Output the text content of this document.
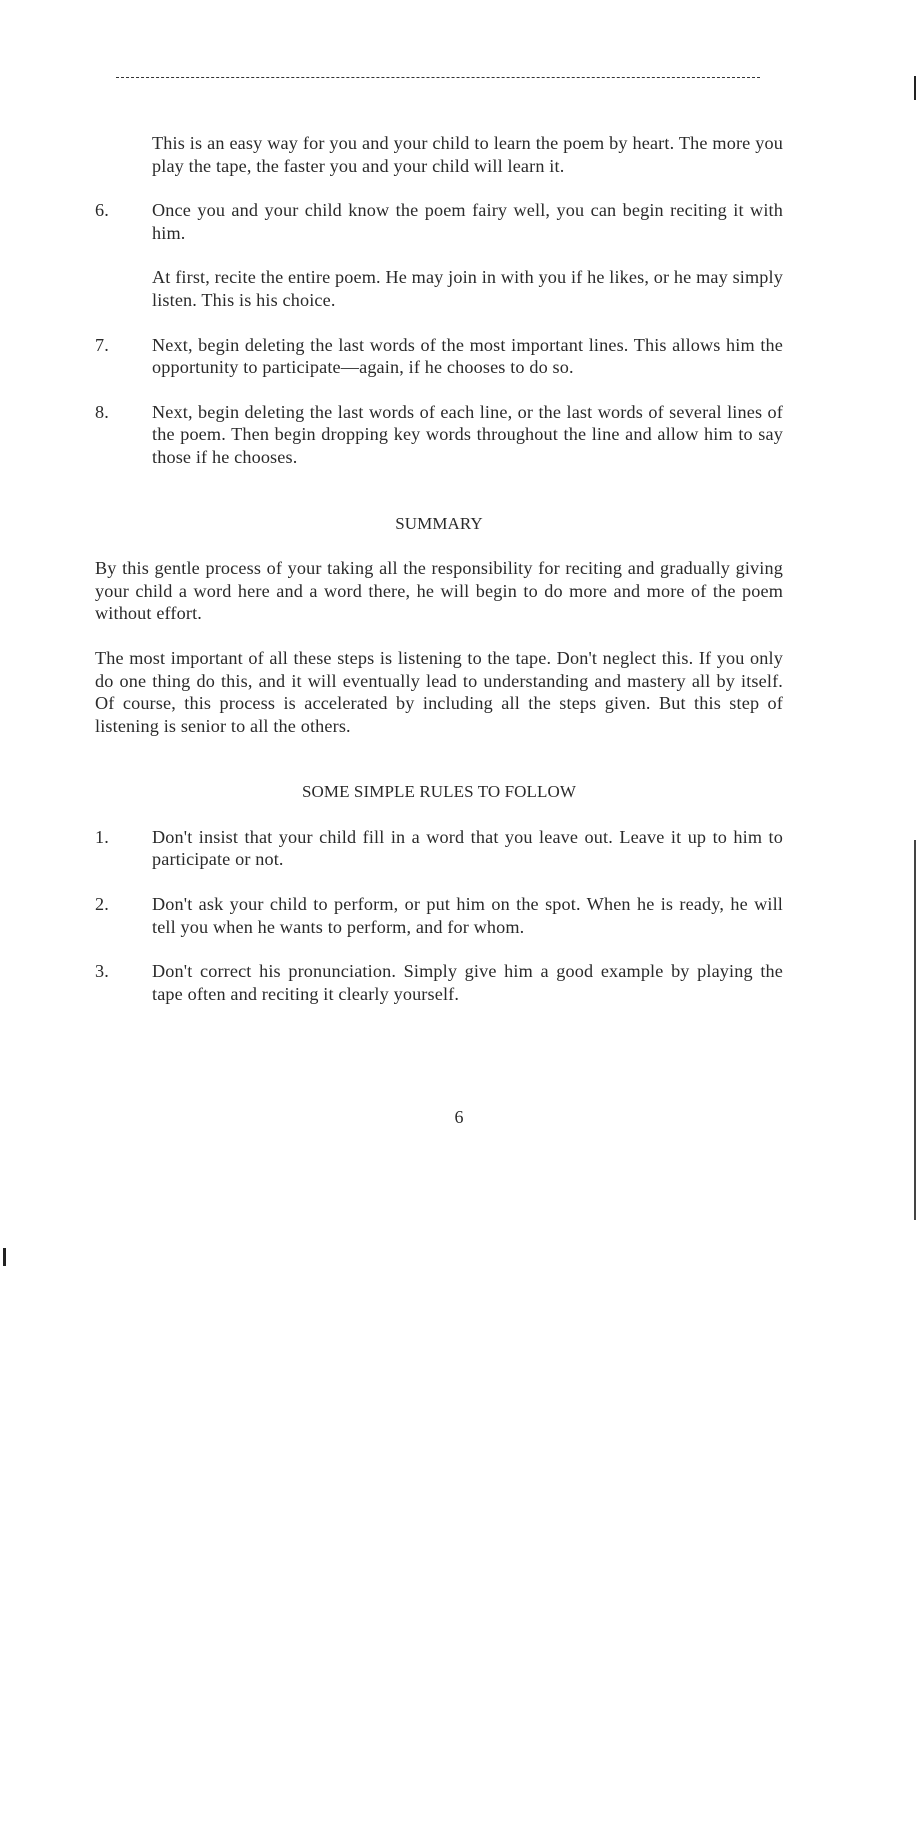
This is an easy way for you and your child to learn the poem by heart. The more you play the tape, the faster you and your child will learn it.

6. Once you and your child know the poem fairy well, you can begin reciting it with him.

At first, recite the entire poem. He may join in with you if he likes, or he may simply listen. This is his choice.

7. Next, begin deleting the last words of the most important lines. This allows him the opportunity to participate—again, if he chooses to do so.
8. Next, begin deleting the last words of each line, or the last words of several lines of the poem. Then begin dropping key words throughout the line and allow him to say those if he chooses.

SUMMARY

By this gentle process of your taking all the responsibility for reciting and gradually giving your child a word here and a word there, he will begin to do more and more of the poem without effort.

The most important of all these steps is listening to the tape. Don't neglect this. If you only do one thing do this, and it will eventually lead to understanding and mastery all by itself. Of course, this process is accelerated by including all the steps given. But this step of listening is senior to all the others.

SOME SIMPLE RULES TO FOLLOW

1. Don't insist that your child fill in a word that you leave out. Leave it up to him to participate or not.
2. Don't ask your child to perform, or put him on the spot. When he is ready, he will tell you when he wants to perform, and for whom.
3. Don't correct his pronunciation. Simply give him a good example by playing the tape often and reciting it clearly yourself.
6
